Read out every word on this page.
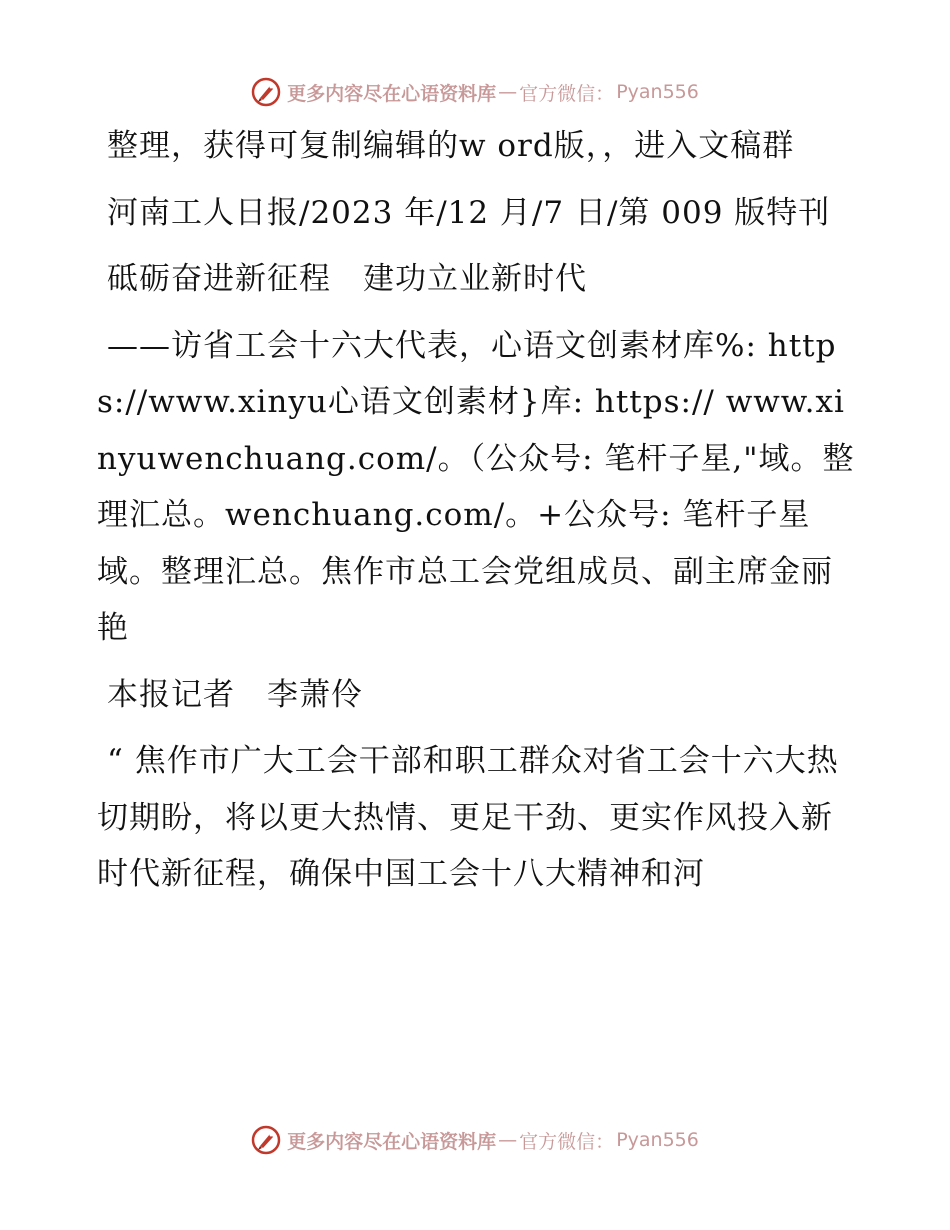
更多内容尽在心语资料库 — 官方微信： Pyan556

整理，获得可复制编辑的w ord版，，进入文稿群

河南工人日报/2023 年/12 月/7 日/第 009 版特刊

砥砺奋进新征程　建功立业新时代

——访省工会十六大代表，心语文创素材库%: https://www.xinyu心语文创素材}库: https:// www.xinyuwenchuang.com/。（公众号: 笔杆子星,"域。整理汇总。wenchuang.com/。+公众号: 笔杆子星域。整理汇总。焦作市总工会党组成员、副主席金丽艳

本报记者　李萧伶

“ 焦作市广大工会干部和职工群众对省工会十六大热切期盼，将以更大热情、更足干劲、更实作风投入新时代新征程，确保中国工会十八大精神和河

更多内容尽在心语资料库 — 官方微信： Pyan556
